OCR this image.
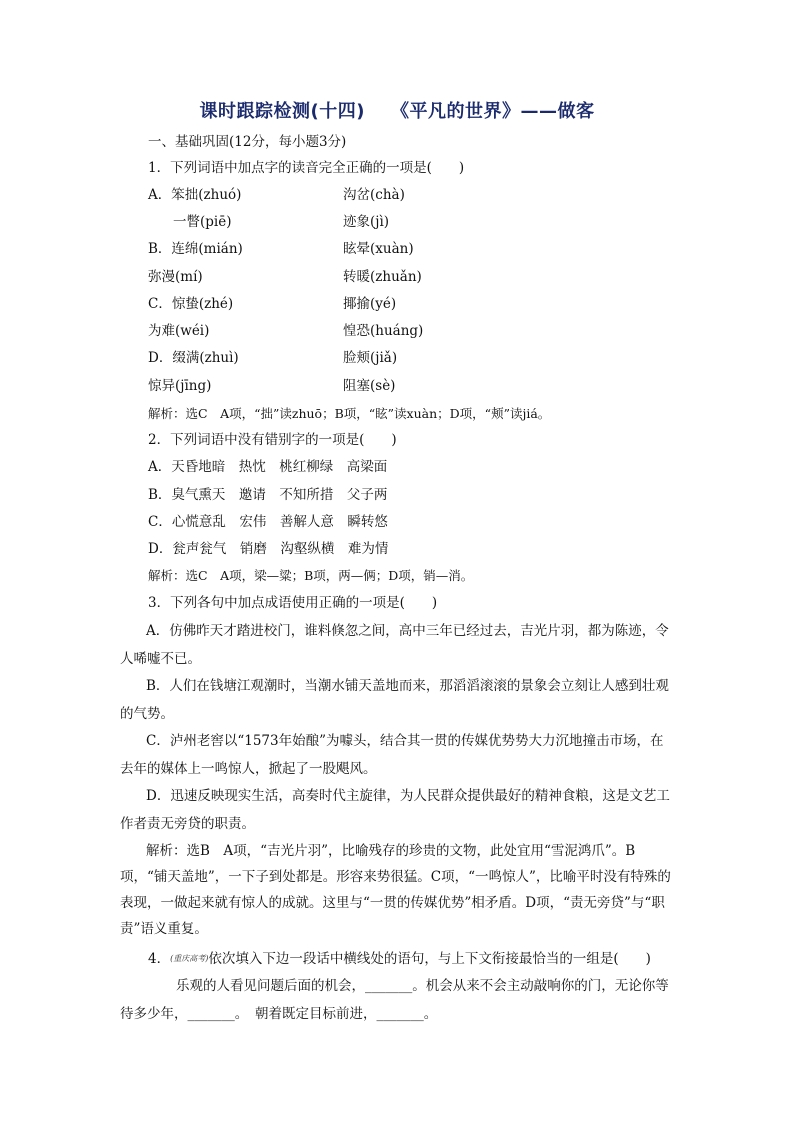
课时跟踪检测(十四) 《平凡的世界》——做客
一、基础巩固(12分，每小题3分)
1．下列词语中加点字的读音完全正确的一项是(　　)
A．笨拙(zhuó)	沟岔(chà)
一瞥(piē)	迹象(jì)
B．连绵(mián)	眩晕(xuàn)
弥漫(mí)	转暖(zhuǎn)
C．惊蛰(zhé)	揶揄(yé)
为难(wéi)	惶恐(huáng)
D．缀满(zhuì)	脸颊(jiǎ)
惊异(jīng)	阻塞(sè)
解析：选C　A项，“拙”读zhuō；B项，“眩”读xuàn；D项，“颊”读jiá。
2．下列词语中没有错别字的一项是(　　)
A．天昏地暗　热忱　桃红柳绿　高梁面
B．臭气熏天　邀请　不知所措　父子两
C．心慌意乱　宏伟　善解人意　瞬转悠
D．瓮声瓮气　销磨　沟壑纵横　难为情
解析：选C　A项，梁—粱；B项，两—俩；D项，销—消。
3．下列各句中加点成语使用正确的一项是(　　)
A．仿佛昨天才踏进校门，谁料倏忽之间，高中三年已经过去，吉光片羽，都为陈迹，令人唏嘘不已。
B．人们在钱塘江观潮时，当潮水铺天盖地而来，那滔滔滚滚的景象会立刻让人感到壮观的气势。
C．泸州老窖以“1573年始酿”为噱头，结合其一贯的传媒优势势大力沉地撞击市场，在去年的媒体上一鸣惊人，掀起了一股飓风。
D．迅速反映现实生活，高奏时代主旋律，为人民群众提供最好的精神食粮，这是文艺工作者责无旁贷的职责。
解析：选B　A项，“吉光片羽”，比喻残存的珍贵的文物，此处宜用“雪泥鸿爪”。B项，“铺天盖地”，一下子到处都是。形容来势很猛。C项，“一鸣惊人”，比喻平时没有特殊的表现，一做起来就有惊人的成就。这里与“一贯的传媒优势”相矛盾。D项，“责无旁贷”与“职责”语义重复。
4．(重庆高考)依次填入下边一段话中横线处的语句，与上下文衔接最恰当的一组是(　　)
乐观的人看见问题后面的机会，_______。机会从来不会主动敲响你的门，无论你等待多少年，_______。　朝着既定目标前进，_______。
